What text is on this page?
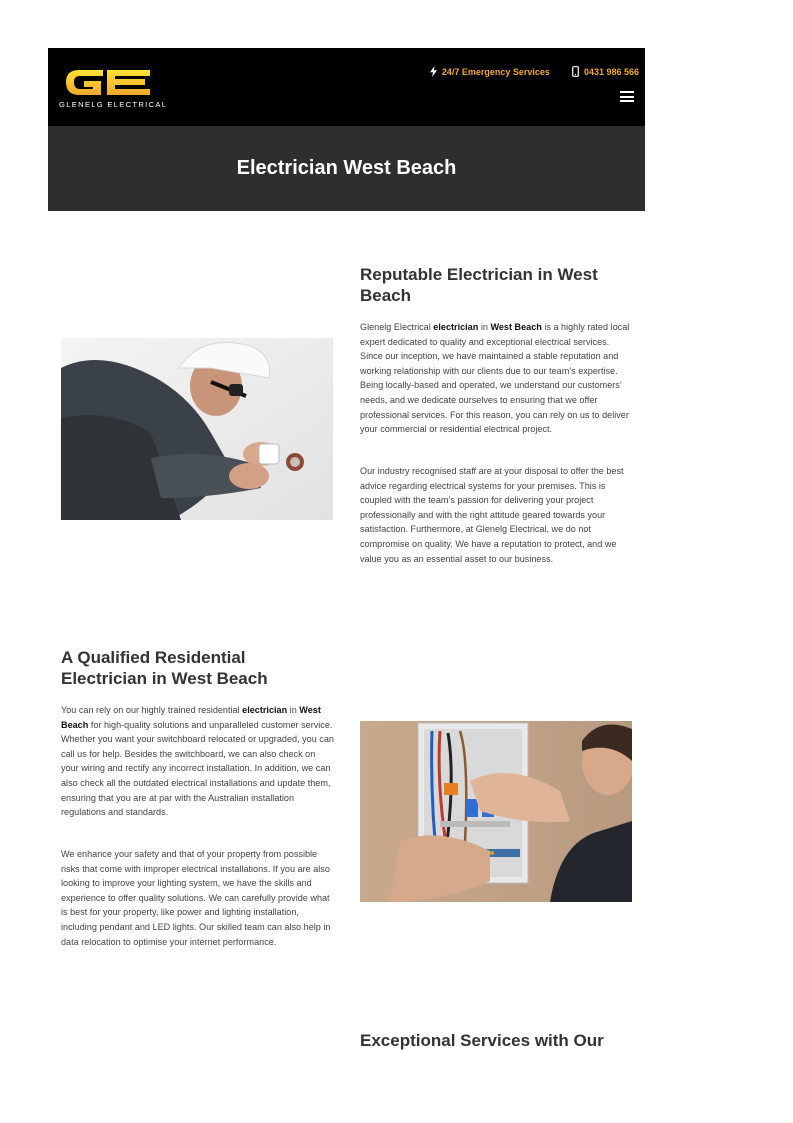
GLENELG ELECTRICAL
24/7 Emergency Services	0431 986 566
Electrician West Beach
Reputable Electrician in West Beach

Glenelg Electrical electrician in West Beach is a highly rated local expert dedicated to quality and exceptional electrical services. Since our inception, we have maintained a stable reputation and working relationship with our clients due to our team’s expertise. Being locally-based and operated, we understand our customers’ needs, and we dedicate ourselves to ensuring that we offer professional services. For this reason, you can rely on us to deliver your commercial or residential electrical project.

Our industry recognised staff are at your disposal to offer the best advice regarding electrical systems for your premises. This is coupled with the team’s passion for delivering your project professionally and with the right attitude geared towards your satisfaction. Furthermore, at Glenelg Electrical, we do not compromise on quality. We have a reputation to protect, and we value you as an essential asset to our business.

A Qualified Residential Electrician in West Beach

You can rely on our highly trained residential electrician in West Beach for high-quality solutions and unparalleled customer service. Whether you want your switchboard relocated or upgraded, you can call us for help. Besides the switchboard, we can also check on your wiring and rectify any incorrect installation. In addition, we can also check all the outdated electrical installations and update them, ensuring that you are at par with the Australian installation regulations and standards.

We enhance your safety and that of your property from possible risks that come with improper electrical installations. If you are also looking to improve your lighting system, we have the skills and experience to offer quality solutions. We can carefully provide what is best for your property, like power and lighting installation, including pendant and LED lights. Our skilled team can also help in data relocation to optimise your internet performance.

Exceptional Services with Our
